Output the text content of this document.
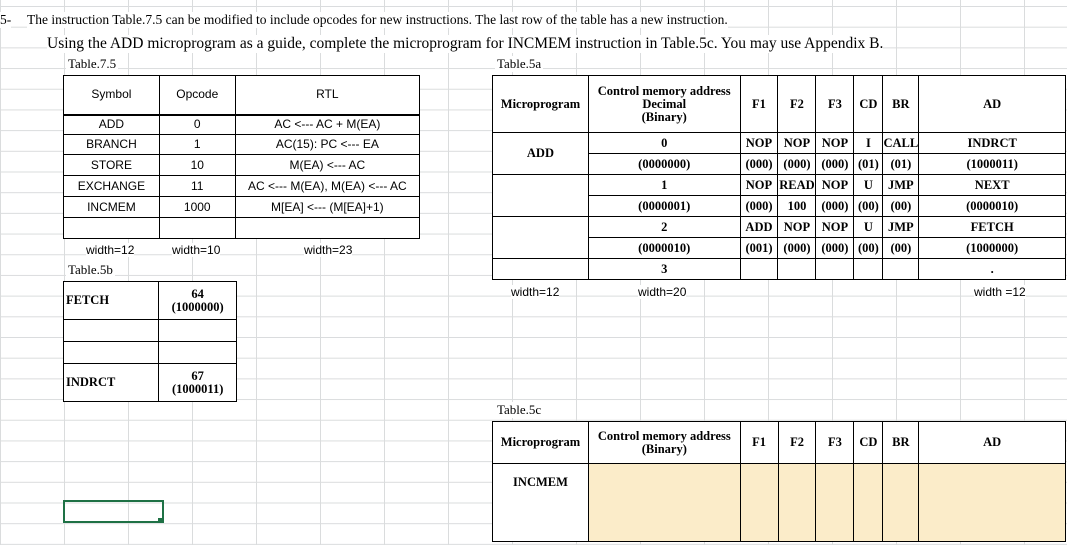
5- The instruction Table.7.5 can be modified to include opcodes for new instructions. The last row of the table has a new instruction.
Using the ADD microprogram as a guide, complete the microprogram for INCMEM instruction in Table.5c. You may use Appendix B.
Table.7.5
Symbol	Opcode	RTL
ADD	0	AC <--- AC + M(EA)
BRANCH	1	AC(15): PC <--- EA
STORE	10	M(EA) <--- AC
EXCHANGE	11	AC <--- M(EA), M(EA) <--- AC
INCMEM	1000	M[EA] <--- (M[EA]+1)

width=12	width=10	width=23
Table.5b
FETCH	64
(1000000)

INDRCT	67
(1000011)
Table.5a
Microprogram	Control memory address
Decimal
(Binary)	F1	F2	F3	CD	BR	AD
ADD	0	NOP	NOP	NOP	I	CALL	INDRCT
	(0000000)	(000)	(000)	(000)	(01)	(01)	(1000011)
	1	NOP	READ	NOP	U	JMP	NEXT
	(0000001)	(000)	100	(000)	(00)	(00)	(0000010)
	2	ADD	NOP	NOP	U	JMP	FETCH
	(0000010)	(001)	(000)	(000)	(00)	(00)	(1000000)
	3						.
width=12	width=20	width =12
Table.5c
Microprogram	Control memory address
(Binary)	F1	F2	F3	CD	BR	AD
INCMEM							
